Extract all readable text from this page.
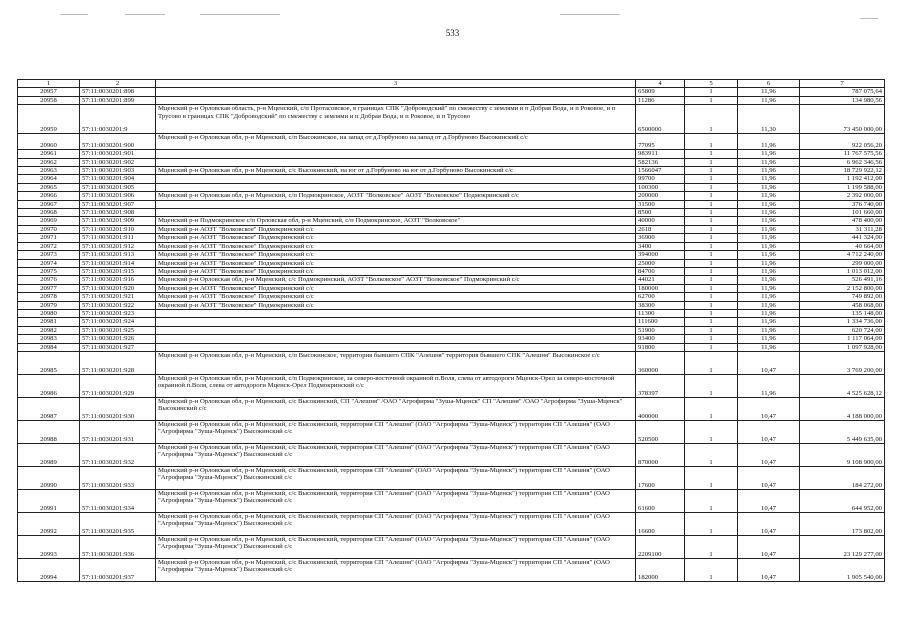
533
1	2	3	4	5	6	7
20957	57:11:0030201:898		65809	1	11,96	787 075,64
20958	57:11:0030201:899		11286	1	11,96	134 980,56
20959	57:11:0030201:9	Мценский р-н Орловская область, р-н Мценский, с/п Протасовское, в границах СПК "Доброводский" по смежеству с землями и п Добрая Вода, и п Роковое, и п Трусово в границах СПК "Доброводский" по смежеству с землями и п Добрая Вода, и п Роковое, и п Трусово	6500000	1	11,30	73 450 000,00
20960	57:11:0030201:900	Мценский р-н Орловская обл, р-н Мценский, с/п Высокинское, на запад от д.Горбуново на запад от д.Горбуново Высокинский с/с	77095	1	11,96	922 056,20
20961	57:11:0030201:901		983911	1	11,96	11 767 575,56
20962	57:11:0030201:902		582136	1	11,96	6 962 346,56
20963	57:11:0030201:903	Мценский р-н Орловская обл, р-н Мценский, с/с Высокинский, на юг от д.Горбуново на юг от д.Горбуново Высокинский с/с	1566047	1	11,96	18 729 922,12
20964	57:11:0030201:904		99700	1	11,96	1 192 412,00
20965	57:11:0030201:905		100300	1	11,96	1 199 588,00
20966	57:11:0030201:906	Мценский р-н Орловская обл, р-н Мценский, с/п Подмокринское, АОЗТ "Волковское" АОЗТ "Волковское" Подмокринский с/с	200000	1	11,96	2 392 000,00
20967	57:11:0030201:907		31500	1	11,96	376 740,00
20968	57:11:0030201:908		8500	1	11,96	101 660,00
20969	57:11:0030201:909	Мценский р-н Подмокринское с/п Орловская обл, р-н Мценский, с/п Подмокринское, АОЗТ "Волковское"	40000	1	11,96	478 400,00
20970	57:11:0030201:910	Мценский р-н АОЗТ "Волковское" Подмокринский с/с	2618	1	11,96	31 311,28
20971	57:11:0030201:911	Мценский р-н АОЗТ "Волковское" Подмокринский с/с	36900	1	11,96	441 324,00
20972	57:11:0030201:912	Мценский р-н АОЗТ "Волковское" Подмокринский с/с	3400	1	11,96	40 664,00
20973	57:11:0030201:913	Мценский р-н АОЗТ "Волковское" Подмокринский с/с	394000	1	11,96	4 712 240,00
20974	57:11:0030201:914	Мценский р-н АОЗТ "Волковское" Подмокринский с/с	25000	1	11,96	299 000,00
20975	57:11:0030201:915	Мценский р-н АОЗТ "Волковское" Подмокринский с/с	84700	1	11,96	1 013 012,00
20976	57:11:0030201:916	Мценский р-н Орловская обл, р-н Мценский, с/с Подмокринский, АОЗТ "Волковское" АОЗТ "Волковское" Подмокринский с/с	44021	1	11,96	526 491,16
20977	57:11:0030201:920	Мценский р-н АОЗТ "Волковское" Подмокринский с/с	180000	1	11,96	2 152 800,00
20978	57:11:0030201:921	Мценский р-н АОЗТ "Волковское" Подмокринский с/с	62700	1	11,96	749 892,00
20979	57:11:0030201:922	Мценский р-н АОЗТ "Волковское" Подмокринский с/с	38300	1	11,96	458 068,00
20980	57:11:0030201:923		11300	1	11,96	135 148,00
20981	57:11:0030201:924		111600	1	11,96	1 334 736,00
20982	57:11:0030201:925		51900	1	11,96	620 724,00
20983	57:11:0030201:926		93400	1	11,96	1 117 064,00
20984	57:11:0030201:927		91800	1	11,96	1 097 928,00
20985	57:11:0030201:928	Мценский р-н Орловская обл, р-н Мценский, с/п Высокинское, территория бывшего СПК "Алешня" территория бывшего СПК "Алешня" Высокинское с/с	360000	1	10,47	3 769 200,00
20986	57:11:0030201:929	Мценский р-н Орловская обл, р-н Мценский, с/п Подмокринское, за северо-восточной окраиной п.Воля, слева от автодороги Мценск-Орел за северо-восточной окраиной п.Воля, слева от автодороги Мценск-Орел Подмокринский с/с	378397	1	11,96	4 525 628,12
20987	57:11:0030201:930	Мценский р-н Орловская обл, р-н Мценский, с/с Высокинский, СП "Алешня" /ОАО "Агрофирма "Зуша-Мценск" СП "Алешня" /ОАО "Агрофирма "Зуша-Мценск" Высокинский с/с	400000	1	10,47	4 188 000,00
20988	57:11:0030201:931	Мценский р-н Орловская обл, р-н Мценский, с/с Высокинский, территория СП "Алешня" (ОАО "Агрофирма "Зуша-Мценск") территория СП "Алешня" (ОАО "Агрофирма "Зуша-Мценск") Высокинский с/с	520500	1	10,47	5 449 635,00
20989	57:11:0030201:932	Мценский р-н Орловская обл, р-н Мценский, с/с Высокинский, территория СП "Алешня" (ОАО "Агрофирма "Зуша-Мценск") территория СП "Алешня" (ОАО "Агрофирма "Зуша-Мценск") Высокинский с/с	870000	1	10,47	9 108 900,00
20990	57:11:0030201:933	Мценский р-н Орловская обл, р-н Мценский, с/с Высокинский, территория СП "Алешня" (ОАО "Агрофирма "Зуша-Мценск") территория СП "Алешня" (ОАО "Агрофирма "Зуша-Мценск") Высокинский с/с	17600	1	10,47	184 272,00
20991	57:11:0030201:934	Мценский р-н Орловская обл, р-н Мценский, с/с Высокинский, территория СП "Алешня" (ОАО "Агрофирма "Зуша-Мценск") территория СП "Алешня" (ОАО "Агрофирма "Зуша-Мценск") Высокинский с/с	61600	1	10,47	644 952,00
20992	57:11:0030201:935	Мценский р-н Орловская обл, р-н Мценский, с/с Высокинский, территория СП "Алешня" (ОАО "Агрофирма "Зуша-Мценск") территория СП "Алешня" (ОАО "Агрофирма "Зуша-Мценск") Высокинский с/с	16600	1	10,47	173 802,00
20993	57:11:0030201:936	Мценский р-н Орловская обл, р-н Мценский, с/с Высокинский, территория СП "Алешня" (ОАО "Агрофирма "Зуша-Мценск") территория СП "Алешня" (ОАО "Агрофирма "Зуша-Мценск") Высокинский с/с	2209100	1	10,47	23 129 277,00
20994	57:11:0030201:937	Мценский р-н Орловская обл, р-н Мценский, с/с Высокинский, территория СП "Алешня" (ОАО "Агрофирма "Зуша-Мценск") территория СП "Алешня" (ОАО "Агрофирма "Зуша-Мценск") Высокинский с/с	182000	1	10,47	1 905 540,00
